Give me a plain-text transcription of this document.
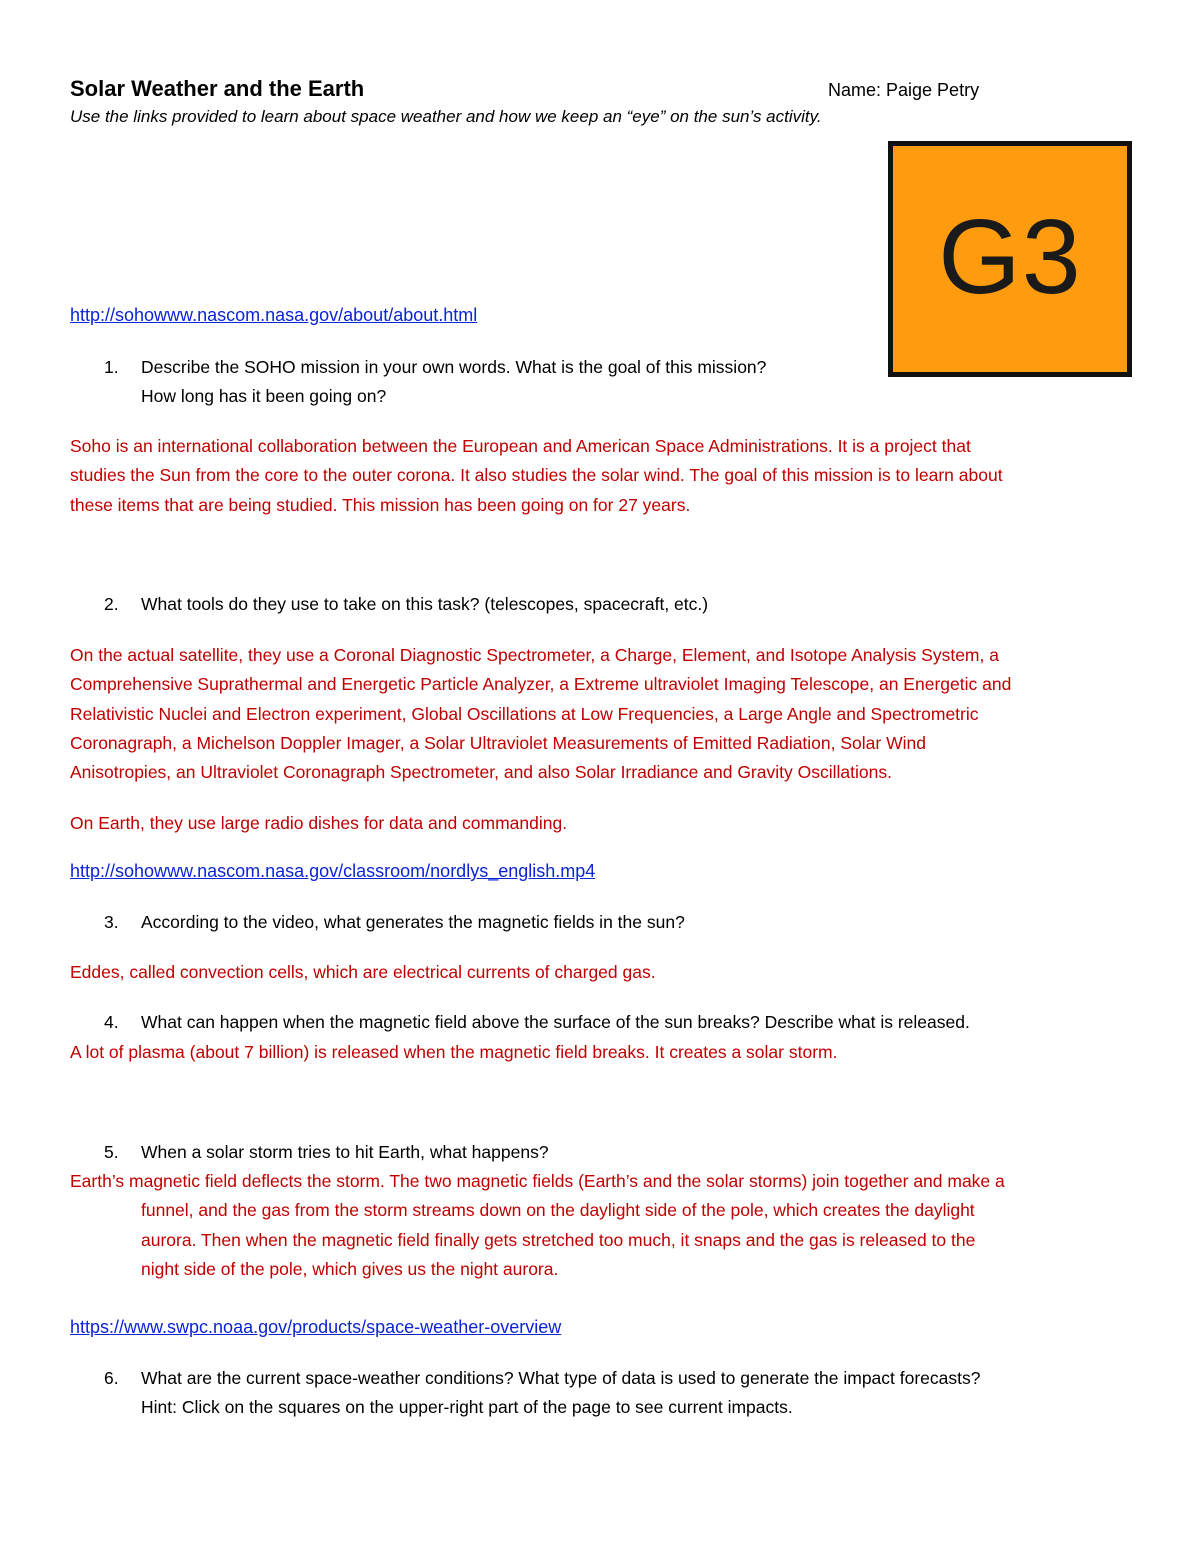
Solar Weather and the Earth	Name: Paige Petry
Use the links provided to learn about space weather and how we keep an “eye” on the sun’s activity.
G3
http://sohowww.nascom.nasa.gov/about/about.html
1. Describe the SOHO mission in your own words. What is the goal of this mission?
How long has it been going on?

Soho is an international collaboration between the European and American Space Administrations. It is a project that

studies the Sun from the core to the outer corona. It also studies the solar wind. The goal of this mission is to learn about

these items that are being studied. This mission has been going on for 27 years.

2. What tools do they use to take on this task? (telescopes, spacecraft, etc.)

On the actual satellite, they use a Coronal Diagnostic Spectrometer, a Charge, Element, and Isotope Analysis System, a

Comprehensive Suprathermal and Energetic Particle Analyzer, a Extreme ultraviolet Imaging Telescope, an Energetic and

Relativistic Nuclei and Electron experiment, Global Oscillations at Low Frequencies, a Large Angle and Spectrometric

Coronagraph, a Michelson Doppler Imager, a Solar Ultraviolet Measurements of Emitted Radiation, Solar Wind

Anisotropies, an Ultraviolet Coronagraph Spectrometer, and also Solar Irradiance and Gravity Oscillations.

On Earth, they use large radio dishes for data and commanding.
http://sohowww.nascom.nasa.gov/classroom/nordlys_english.mp4
3. According to the video, what generates the magnetic fields in the sun?
Eddes, called convection cells, which are electrical currents of charged gas.
4. What can happen when the magnetic field above the surface of the sun breaks? Describe what is released.
A lot of plasma (about 7 billion) is released when the magnetic field breaks. It creates a solar storm.
5. When a solar storm tries to hit Earth, what happens?

Earth’s magnetic field deflects the storm. The two magnetic fields (Earth’s and the solar storms) join together and make a

funnel, and the gas from the storm streams down on the daylight side of the pole, which creates the daylight

aurora. Then when the magnetic field finally gets stretched too much, it snaps and the gas is released to the

night side of the pole, which gives us the night aurora.

https://www.swpc.noaa.gov/products/space-weather-overview
6. What are the current space-weather conditions? What type of data is used to generate the impact forecasts?
Hint: Click on the squares on the upper-right part of the page to see current impacts.
